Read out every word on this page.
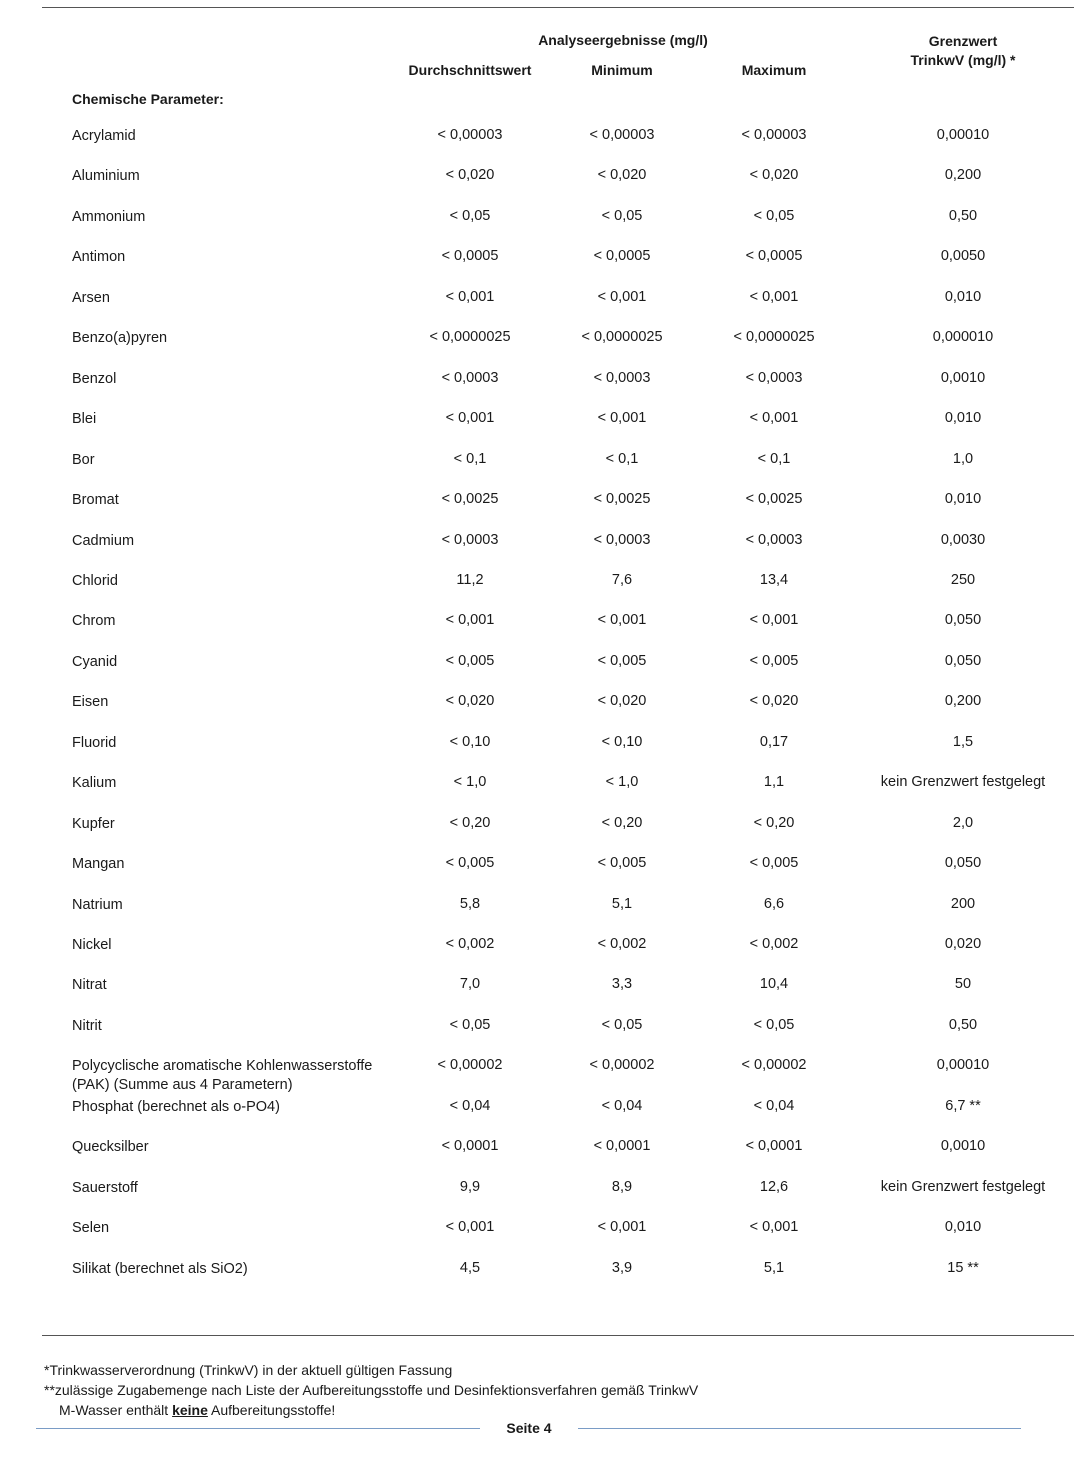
Analyseergebnisse (mg/l)
Durchschnittswert	Minimum	Maximum
Grenzwert
TrinkwV (mg/l) *
Chemische Parameter:
Acrylamid	< 0,00003	< 0,00003	< 0,00003	0,00010
Aluminium	< 0,020	< 0,020	< 0,020	0,200
Ammonium	< 0,05	< 0,05	< 0,05	0,50
Antimon	< 0,0005	< 0,0005	< 0,0005	0,0050
Arsen	< 0,001	< 0,001	< 0,001	0,010
Benzo(a)pyren	< 0,0000025	< 0,0000025	< 0,0000025	0,000010
Benzol	< 0,0003	< 0,0003	< 0,0003	0,0010
Blei	< 0,001	< 0,001	< 0,001	0,010
Bor	< 0,1	< 0,1	< 0,1	1,0
Bromat	< 0,0025	< 0,0025	< 0,0025	0,010
Cadmium	< 0,0003	< 0,0003	< 0,0003	0,0030
Chlorid	11,2	7,6	13,4	250
Chrom	< 0,001	< 0,001	< 0,001	0,050
Cyanid	< 0,005	< 0,005	< 0,005	0,050
Eisen	< 0,020	< 0,020	< 0,020	0,200
Fluorid	< 0,10	< 0,10	0,17	1,5
Kalium	< 1,0	< 1,0	1,1	kein Grenzwert festgelegt
Kupfer	< 0,20	< 0,20	< 0,20	2,0
Mangan	< 0,005	< 0,005	< 0,005	0,050
Natrium	5,8	5,1	6,6	200
Nickel	< 0,002	< 0,002	< 0,002	0,020
Nitrat	7,0	3,3	10,4	50
Nitrit	< 0,05	< 0,05	< 0,05	0,50
Polycyclische aromatische Kohlenwasserstoffe
(PAK) (Summe aus 4 Parametern)
< 0,00002	< 0,00002	< 0,00002	0,00010
Phosphat (berechnet als o-PO4)	< 0,04	< 0,04	< 0,04	6,7 **
Quecksilber	< 0,0001	< 0,0001	< 0,0001	0,0010
Sauerstoff	9,9	8,9	12,6	kein Grenzwert festgelegt
Selen	< 0,001	< 0,001	< 0,001	0,010
Silikat (berechnet als SiO2)	4,5	3,9	5,1	15 **
*Trinkwasserverordnung (TrinkwV) in der aktuell gültigen Fassung
**zulässige Zugabemenge nach Liste der Aufbereitungsstoffe und Desinfektionsverfahren gemäß TrinkwV
M-Wasser enthält keine Aufbereitungsstoffe!
Seite 4
